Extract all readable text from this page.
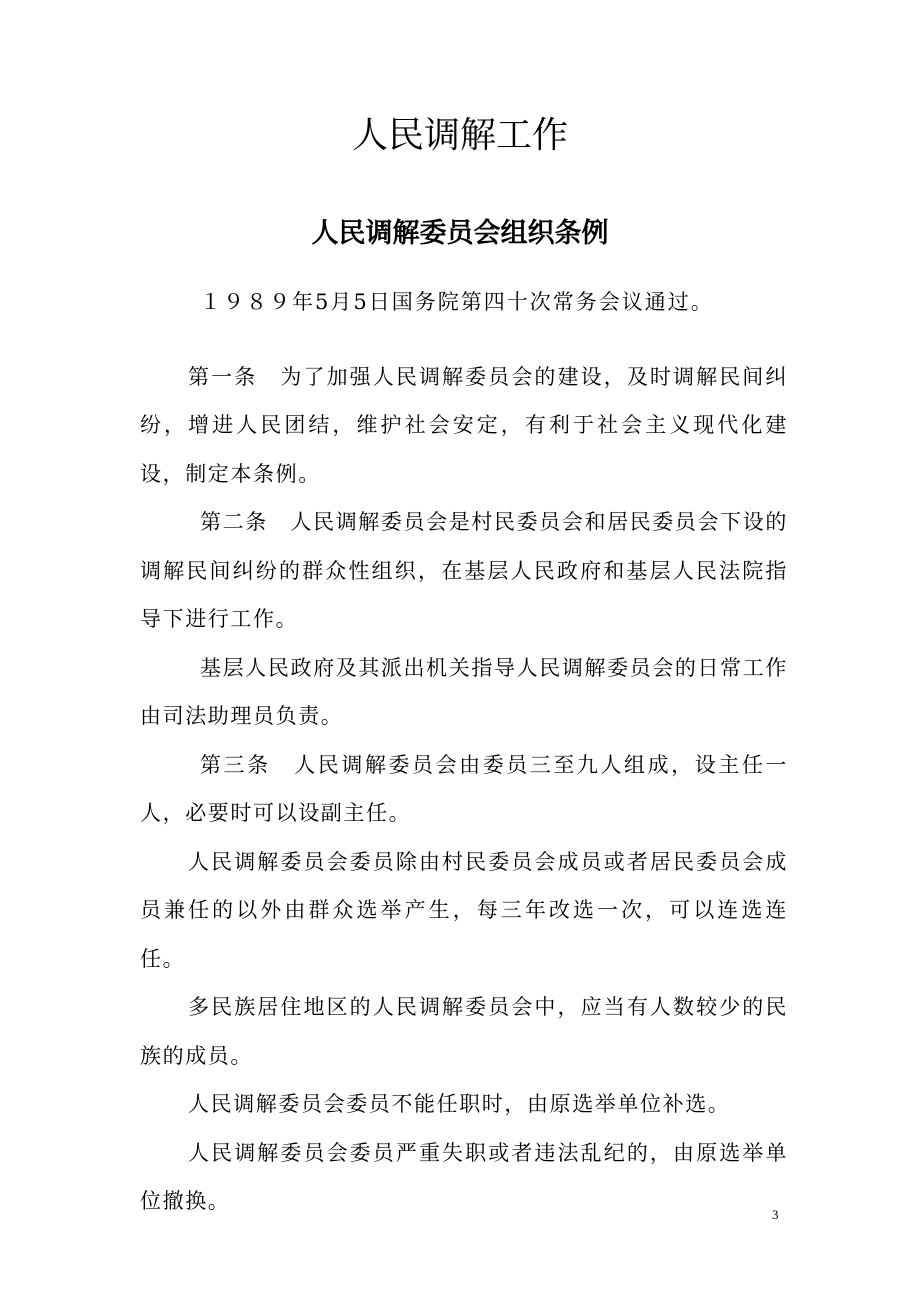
人民调解工作
人民调解委员会组织条例

１９８９年5月5日国务院第四十次常务会议通过。

第一条　为了加强人民调解委员会的建设，及时调解民间纠纷，增进人民团结，维护社会安定，有利于社会主义现代化建设，制定本条例。

第二条　人民调解委员会是村民委员会和居民委员会下设的调解民间纠纷的群众性组织，在基层人民政府和基层人民法院指导下进行工作。

基层人民政府及其派出机关指导人民调解委员会的日常工作由司法助理员负责。

第三条　人民调解委员会由委员三至九人组成，设主任一人，必要时可以设副主任。

人民调解委员会委员除由村民委员会成员或者居民委员会成员兼任的以外由群众选举产生，每三年改选一次，可以连选连任。

多民族居住地区的人民调解委员会中，应当有人数较少的民族的成员。

人民调解委员会委员不能任职时，由原选举单位补选。

人民调解委员会委员严重失职或者违法乱纪的，由原选举单位撤换。

3
